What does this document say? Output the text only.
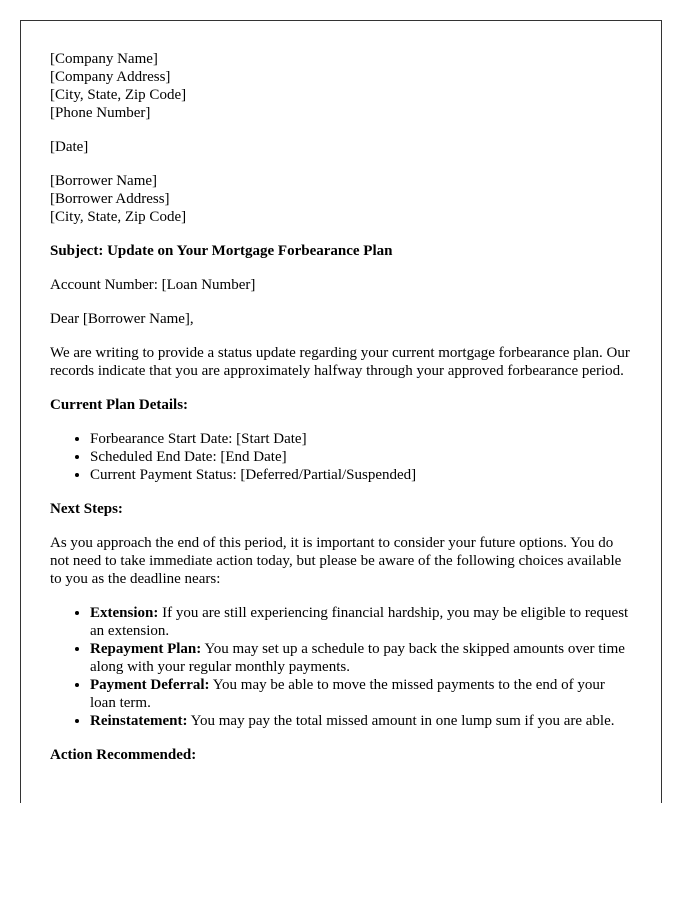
[Company Name]
[Company Address]
[City, State, Zip Code]
[Phone Number]

[Date]

[Borrower Name]
[Borrower Address]
[City, State, Zip Code]

Subject: Update on Your Mortgage Forbearance Plan

Account Number: [Loan Number]

Dear [Borrower Name],

We are writing to provide a status update regarding your current mortgage forbearance plan. Our records indicate that you are approximately halfway through your approved forbearance period.

Current Plan Details:

• Forbearance Start Date: [Start Date]
• Scheduled End Date: [End Date]
• Current Payment Status: [Deferred/Partial/Suspended]

Next Steps:

As you approach the end of this period, it is important to consider your future options. You do not need to take immediate action today, but please be aware of the following choices available to you as the deadline nears:

• Extension: If you are still experiencing financial hardship, you may be eligible to request an extension.
• Repayment Plan: You may set up a schedule to pay back the skipped amounts over time along with your regular monthly payments.
• Payment Deferral: You may be able to move the missed payments to the end of your loan term.
• Reinstatement: You may pay the total missed amount in one lump sum if you are able.

Action Recommended:
